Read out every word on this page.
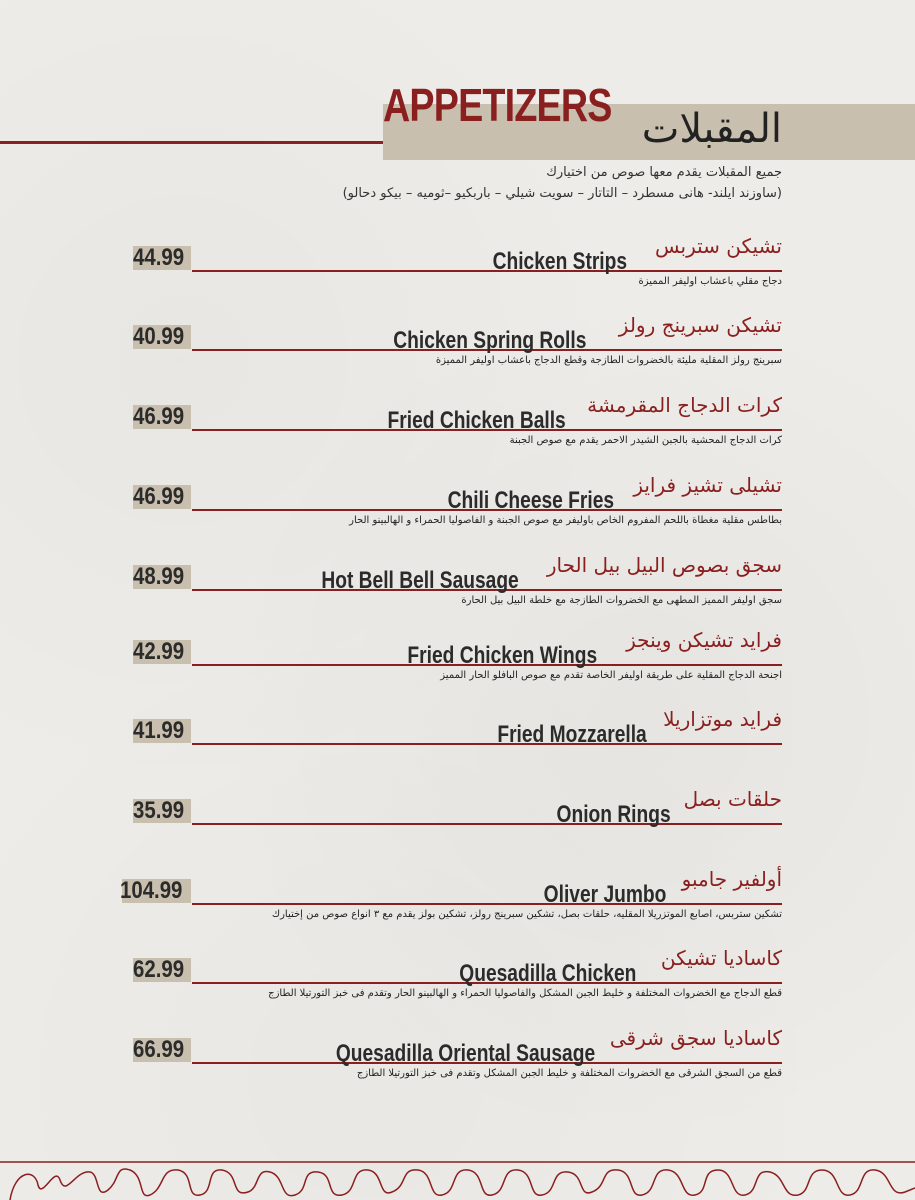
APPETIZERS المقبلات
جميع المقبلات يقدم معها صوص من اختيارك
(ساوزند ايلند- هانى مسطرد – التاتار – سويت شيلي – باربكيو –ثوميه – بيكو دحالو)
44.99	Chicken Strips
تشيكن ستربس
دجاج مقلي باعشاب اوليفر المميزة
40.99	Chicken Spring Rolls
تشيكن سبرينج رولز
سبرينج رولز المقلية مليئة بالخضروات الطازجة وقطع الدجاج باعشاب اوليفر المميزة
46.99	Fried Chicken Balls
كرات الدجاج المقرمشة
كرات الدجاج المحشية بالجبن الشيدر الاحمر يقدم مع صوص الجبنة
46.99	Chili Cheese Fries
تشيلى تشيز فرايز
بطاطس مقلية مغطاة باللحم المفروم الخاص باوليفر مع صوص الجبنة و الفاصوليا الحمراء و الهالبينو الحار
48.99	Hot Bell Bell Sausage
سجق بصوص البيل بيل الحار
سجق اوليفر المميز المطهى مع الخضروات الطازجة مع خلطة البيل بيل الحارة
42.99	Fried Chicken Wings
فرايد تشيكن وينجز
اجنحة الدجاج المقلية على طريقة اوليفر الخاصة تقدم مع صوص البافلو الحار المميز
41.99	Fried Mozzarella
فرايد موتزاريلا
35.99	Onion Rings
حلقات بصل
104.99	Oliver Jumbo
أولفير جامبو
تشكين ستربس، اصابع الموتزريلا المقليه، حلقات بصل، تشكين سبرينج رولز، تشكين بولز يقدم مع ٣ انواع صوص من إختيارك
62.99	Quesadilla Chicken
كاساديا تشيكن
قطع الدجاج مع الخضروات المختلفة و خليط الجبن المشكل والفاصوليا الحمراء و الهالبينو الحار وتقدم فى خبز التورتيلا الطازج
66.99	Quesadilla Oriental Sausage
كاساديا سجق شرقى
قطع من السجق الشرقى مع الخضروات المختلفة و خليط الجبن المشكل وتقدم فى خبز التورتيلا الطازج
